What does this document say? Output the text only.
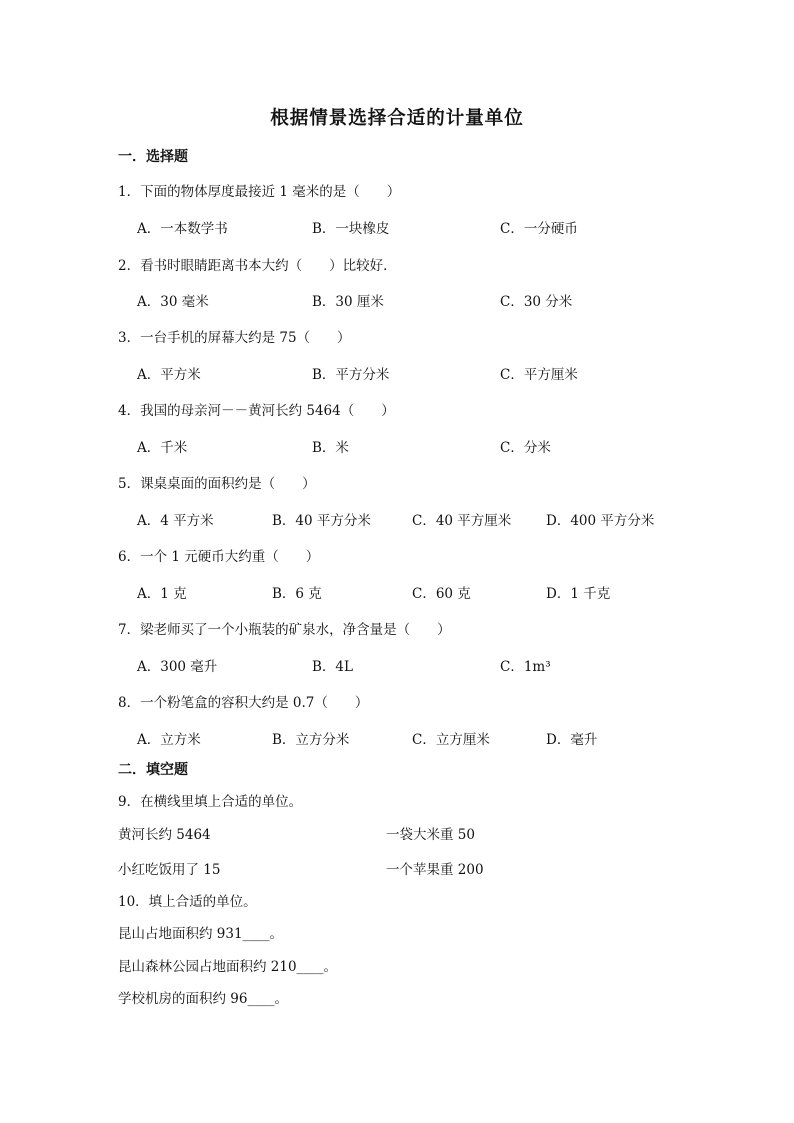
根据情景选择合适的计量单位
一．选择题
1．下面的物体厚度最接近 1 毫米的是（　　）
A．一本数学书	B．一块橡皮	C．一分硬币
2．看书时眼睛距离书本大约（　　）比较好．
A．30 毫米	B．30 厘米	C．30 分米
3．一台手机的屏幕大约是 75（　　）
A．平方米	B．平方分米	C．平方厘米
4．我国的母亲河－－黄河长约 5464（　　）
A．千米	B．米	C．分米
5．课桌桌面的面积约是（　　）
A．4 平方米	B．40 平方分米	C．40 平方厘米	D．400 平方分米
6．一个 1 元硬币大约重（　　）
A．1 克	B．6 克	C．60 克	D．1 千克
7．梁老师买了一个小瓶装的矿泉水，净含量是（　　）
A．300 毫升	B．4L	C．1m³
8．一个粉笔盒的容积大约是 0.7（　　）
A．立方米	B．立方分米	C．立方厘米	D．毫升
二．填空题
9．在横线里填上合适的单位。
黄河长约 5464	一袋大米重 50
小红吃饭用了 15	一个苹果重 200
10．填上合适的单位。
昆山占地面积约 931____。
昆山森林公园占地面积约 210____。
学校机房的面积约 96____。
